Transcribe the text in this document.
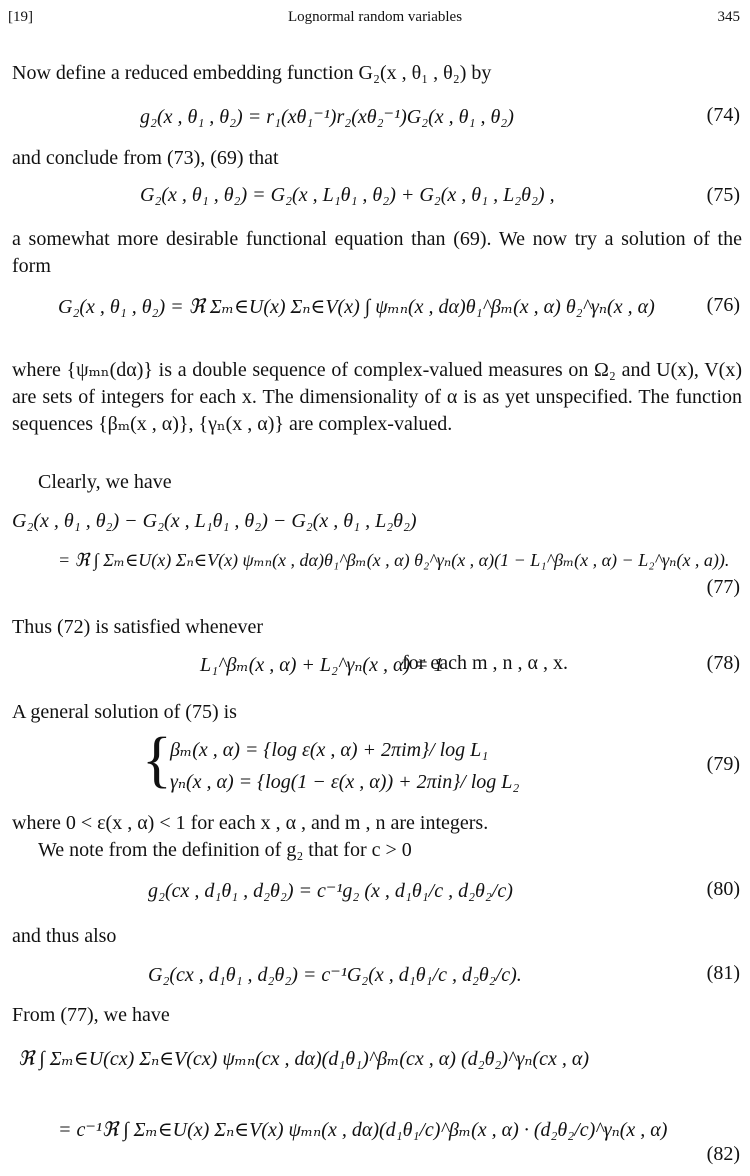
[19]	Lognormal random variables	345
Now define a reduced embedding function G₂(x , θ₁ , θ₂) by
g₂(x , θ₁ , θ₂) = r₁(xθ₁⁻¹)r₂(xθ₂⁻¹)G₂(x , θ₁ , θ₂)	(74)
and conclude from (73), (69) that
G₂(x , θ₁ , θ₂) = G₂(x , L₁θ₁ , θ₂) + G₂(x , θ₁ , L₂θ₂) ,	(75)
a somewhat more desirable functional equation than (69). We now try a solution of the form
G₂(x , θ₁ , θ₂) = ℜ Σₘ∈U(x) Σₙ∈V(x) ∫ ψₘₙ(x , dα)θ₁^βₘ(x , α) θ₂^γₙ(x , α)	(76)
where {ψₘₙ(dα)} is a double sequence of complex-valued measures on Ω₂ and U(x), V(x) are sets of integers for each x. The dimensionality of α is as yet unspecified. The function sequences {βₘ(x , α)}, {γₙ(x , α)} are complex-valued.
Clearly, we have
G₂(x , θ₁ , θ₂) − G₂(x , L₁θ₁ , θ₂) − G₂(x , θ₁ , L₂θ₂)
= ℜ ∫ Σₘ∈U(x) Σₙ∈V(x) ψₘₙ(x , dα)θ₁^βₘ(x , α) θ₂^γₙ(x , α)(1 − L₁^βₘ(x , α) − L₂^γₙ(x , a)).
(77)
Thus (72) is satisfied whenever
L₁^βₘ(x , α) + L₂^γₙ(x , α) = 1
for each m , n , α , x.	(78)
A general solution of (75) is
{
βₘ(x , α) = {log ε(x , α) + 2πim}/ log L₁
γₙ(x , α) = {log(1 − ε(x , α)) + 2πin}/ log L₂
(79)
where 0 < ε(x , α) < 1 for each x , α , and m , n are integers.
We note from the definition of g₂ that for c > 0
g₂(cx , d₁θ₁ , d₂θ₂) = c⁻¹g₂ (x , d₁θ₁/c , d₂θ₂/c)	(80)
and thus also
G₂(cx , d₁θ₁ , d₂θ₂) = c⁻¹G₂(x , d₁θ₁/c , d₂θ₂/c).	(81)
From (77), we have
ℜ ∫ Σₘ∈U(cx) Σₙ∈V(cx) ψₘₙ(cx , dα)(d₁θ₁)^βₘ(cx , α) (d₂θ₂)^γₙ(cx , α)
= c⁻¹ℜ ∫ Σₘ∈U(x) Σₙ∈V(x) ψₘₙ(x , dα)(d₁θ₁/c)^βₘ(x , α) · (d₂θ₂/c)^γₙ(x , α)
(82)
